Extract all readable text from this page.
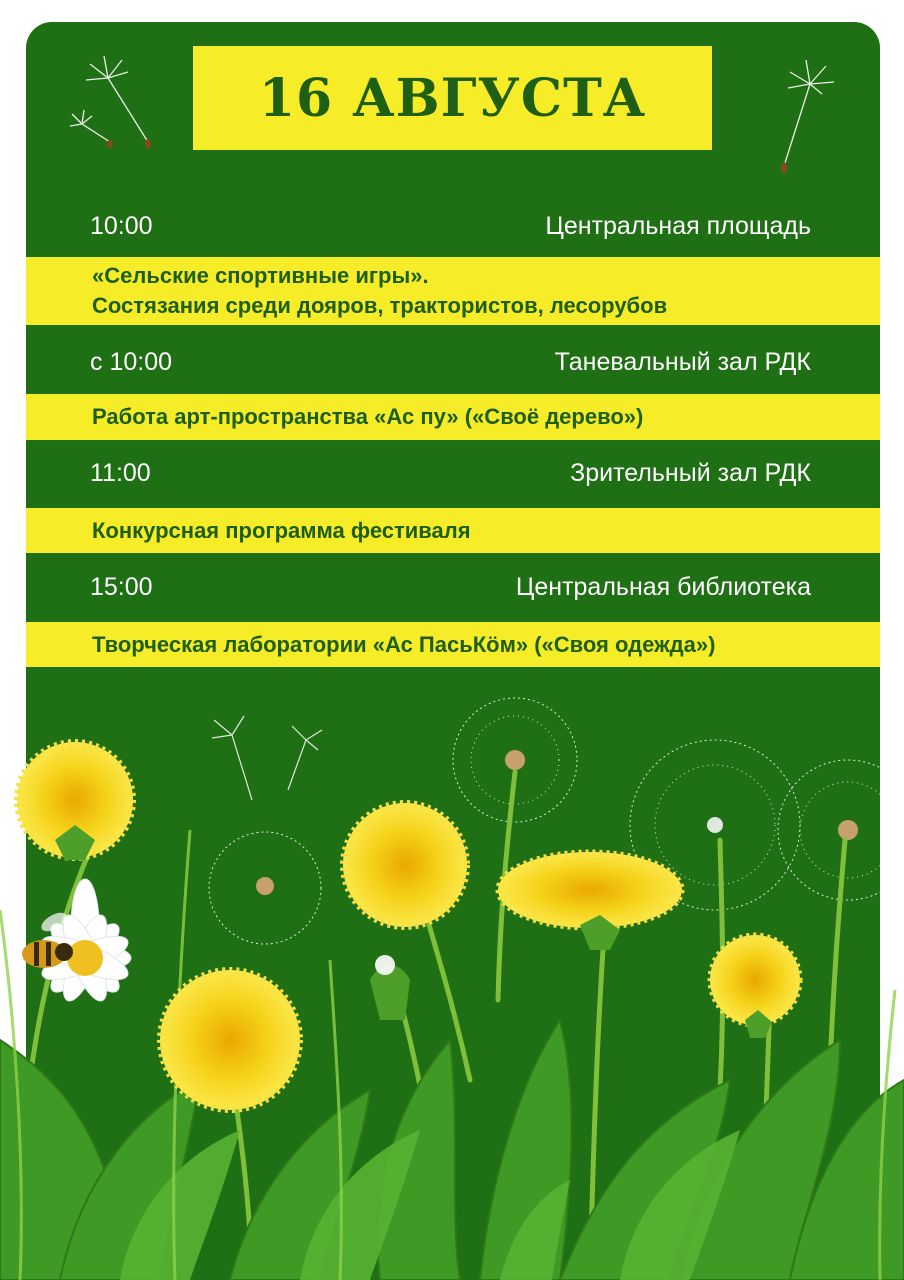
16 АВГУСТА
10:00	Центральная площадь
«Сельские спортивные игры».
Состязания среди дояров, трактористов, лесорубов
с 10:00	Таневальный зал РДК
Работа арт-пространства «Ас пу» («Своё дерево»)
11:00	Зрительный зал РДК
Конкурсная программа фестиваля
15:00	Центральная библиотека
Творческая лаборатории «Ас ПасьКӧм» («Своя одежда»)
